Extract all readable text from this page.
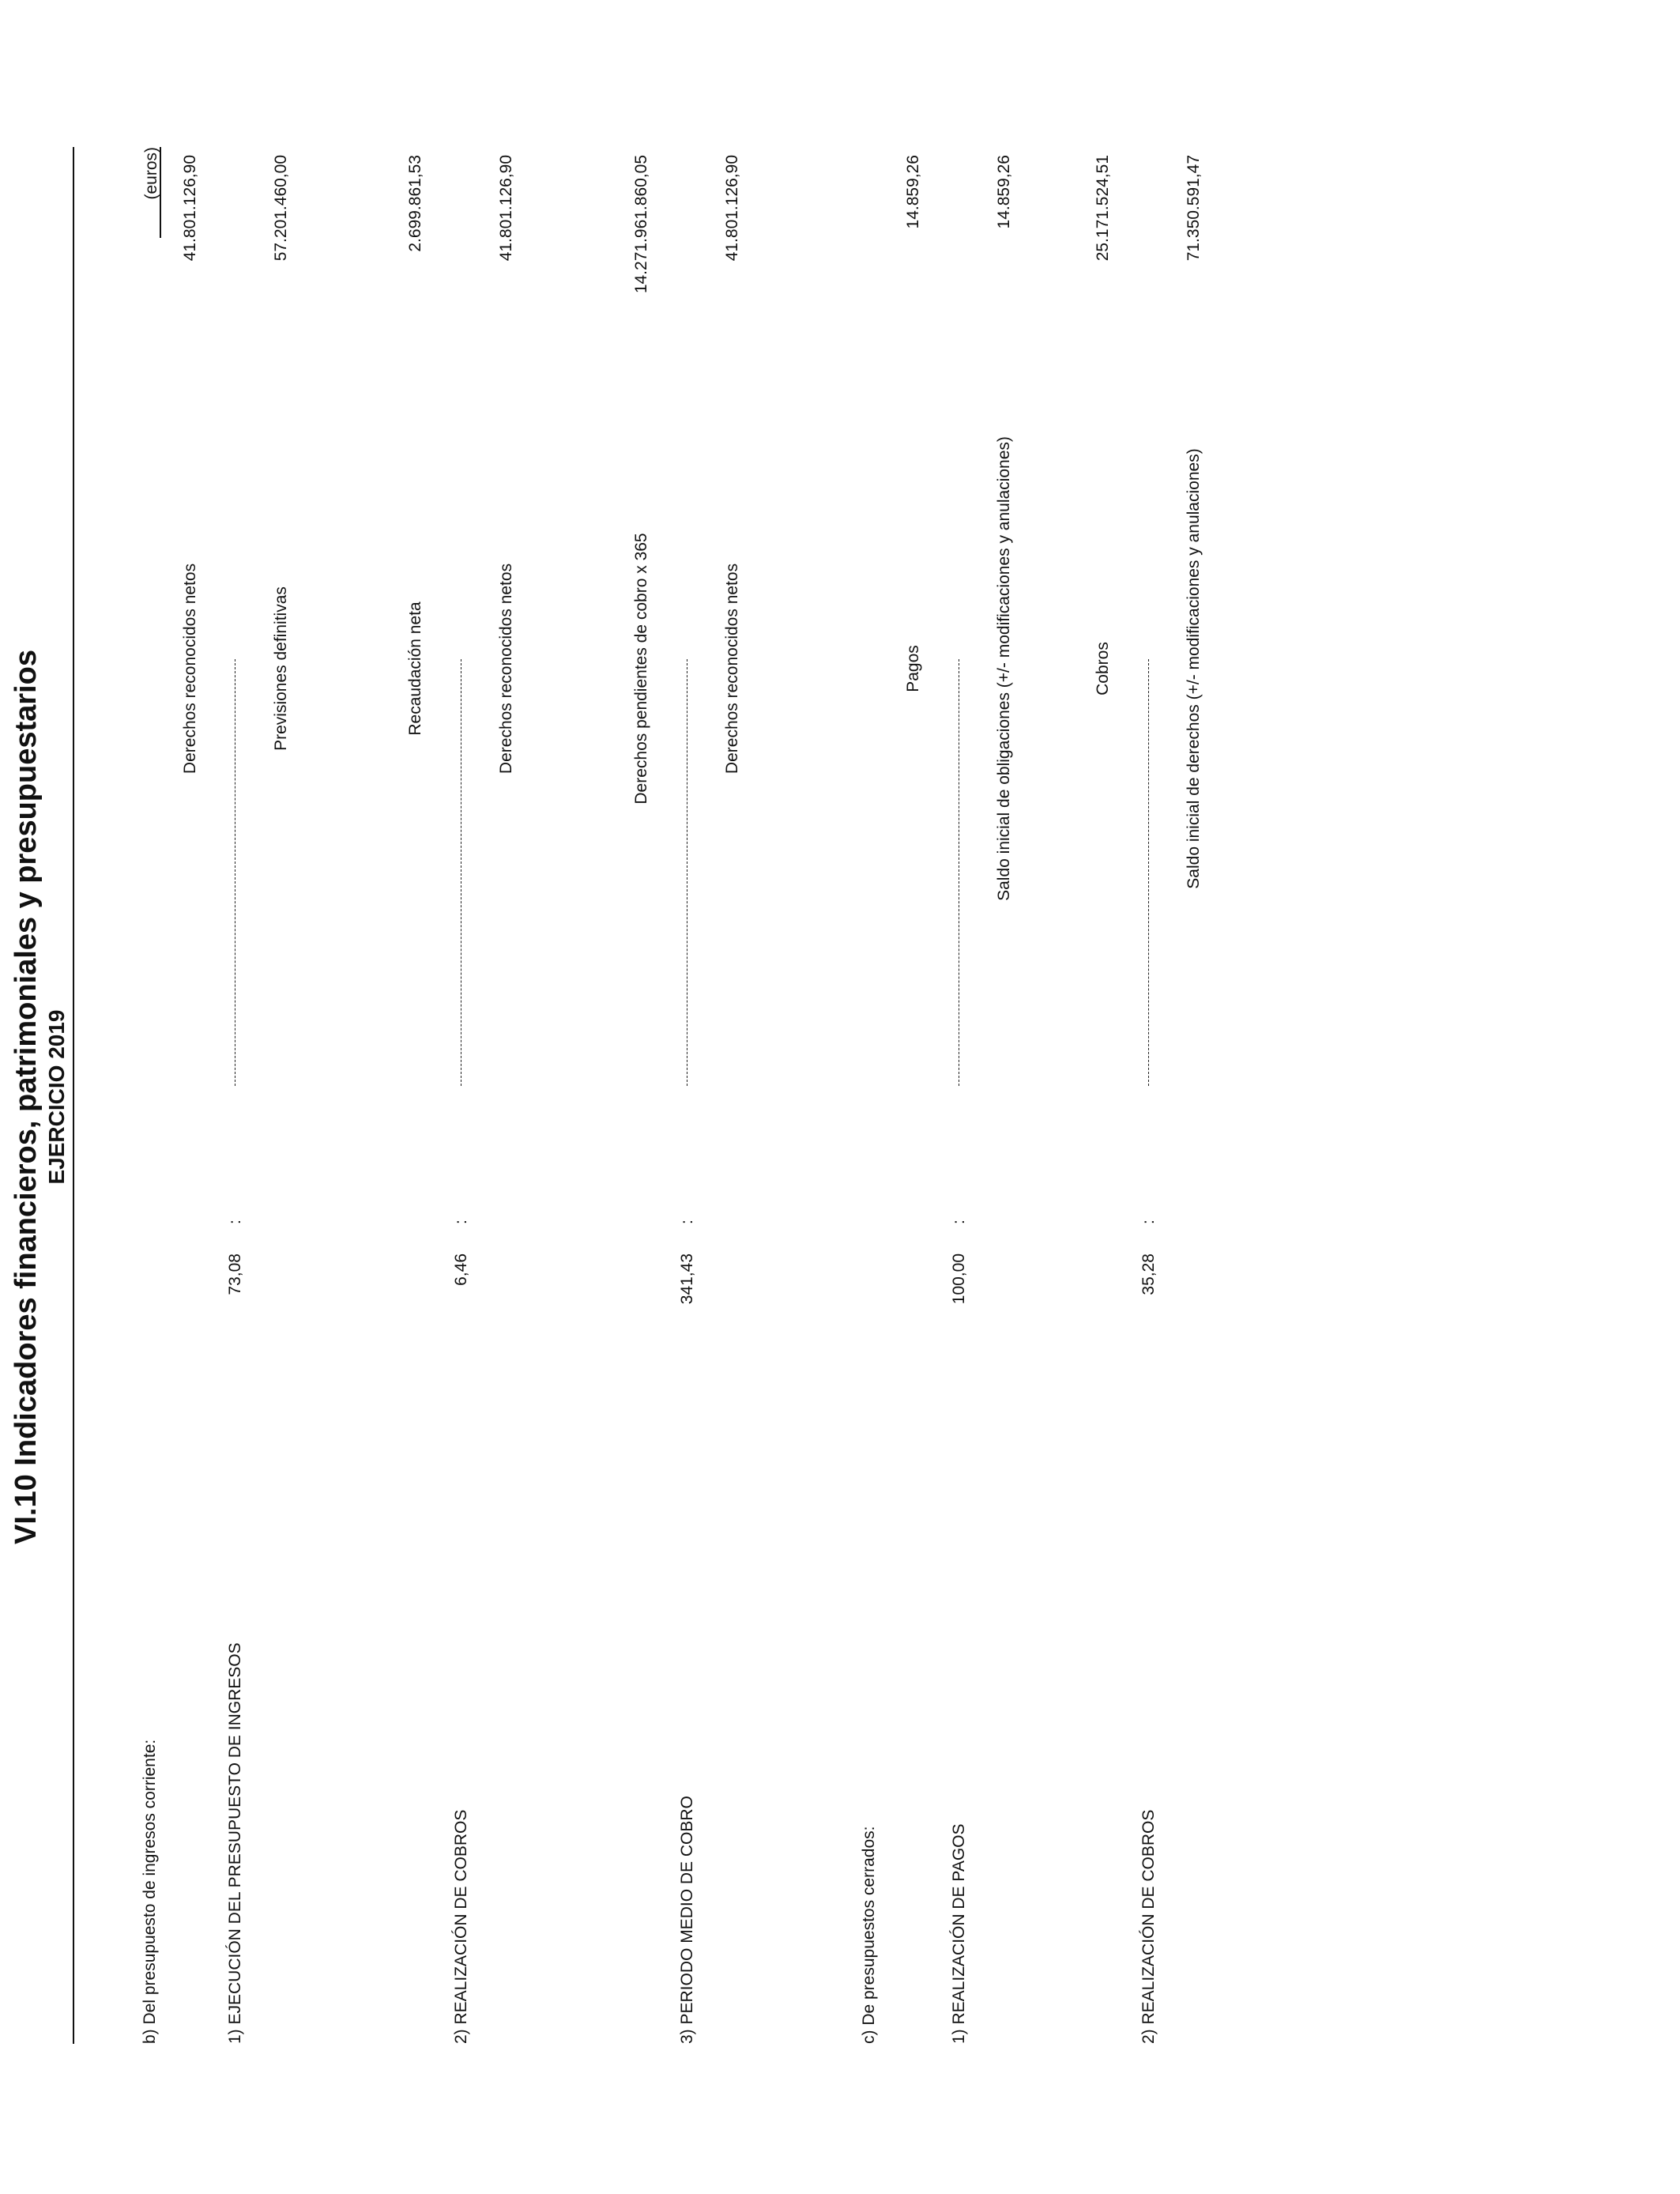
VI.10 Indicadores financieros, patrimoniales y presupuestarios EJERCICIO 2019
(euros)
b) Del presupuesto de ingresos corriente:	1) EJECUCIÓN DEL PRESUPUESTO DE INGRESOS
73,08
:
Derechos reconocidos netos	Previsiones definitivas
41.801.126,90	57.201.460,00
2) REALIZACIÓN DE COBROS
6,46
:
Recaudación neta	Derechos reconocidos netos
2.699.861,53	41.801.126,90
3) PERIODO MEDIO DE COBRO
341,43
:
Derechos pendientes de cobro x 365	Derechos reconocidos netos
14.271.961.860,05	41.801.126,90
c) De presupuestos cerrados:	1) REALIZACIÓN DE PAGOS
100,00
:
Pagos	Saldo inicial de obligaciones (+/- modificaciones y anulaciones)
14.859,26	14.859,26
2) REALIZACIÓN DE COBROS
35,28
:
Cobros	Saldo inicial de derechos (+/- modificaciones y anulaciones)
25.171.524,51	71.350.591,47
